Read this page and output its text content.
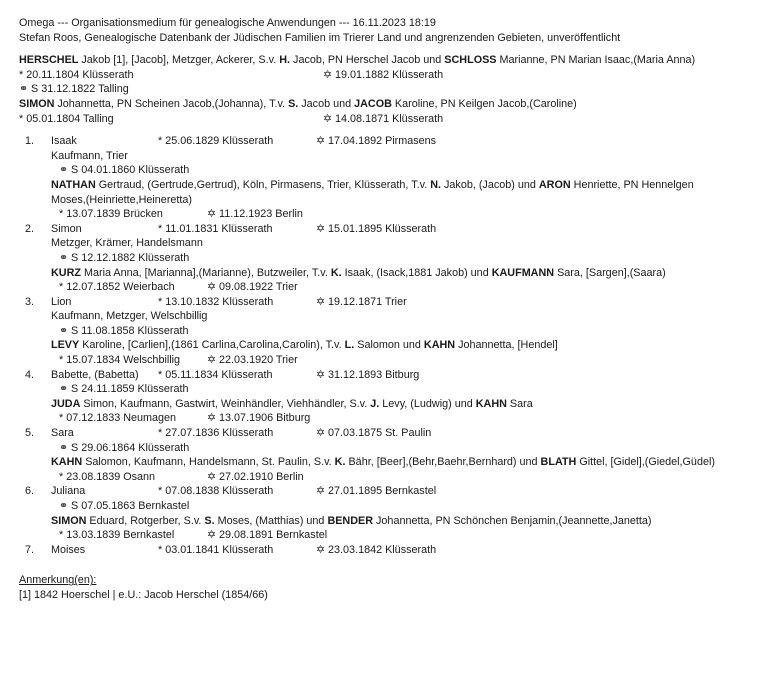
Omega --- Organisationsmedium für genealogische Anwendungen --- 16.11.2023 18:19
Stefan Roos, Genealogische Datenbank der Jüdischen Familien im Trierer Land und angrenzenden Gebieten, unveröffentlicht
HERSCHEL Jakob [1], [Jacob], Metzger, Ackerer, S.v. H. Jacob, PN Herschel Jacob und SCHLOSS Marianne, PN Marian Isaac,(Maria Anna)
* 20.11.1804 Klüsserath	✡ 19.01.1882 Klüsserath
⚭ S 31.12.1822 Talling
SIMON Johannetta, PN Scheinen Jacob,(Johanna), T.v. S. Jacob und JACOB Karoline, PN Keilgen Jacob,(Caroline)
* 05.01.1804 Talling	✡ 14.08.1871 Klüsserath
1. Isaak	* 25.06.1829 Klüsserath	✡ 17.04.1892 Pirmasens
Kaufmann, Trier
⚭ S 04.01.1860 Klüsserath
NATHAN Gertraud, (Gertrude,Gertrud), Köln, Pirmasens, Trier, Klüsserath, T.v. N. Jakob, (Jacob) und ARON Henriette, PN Hennelgen
Moses,(Heinriette,Heineretta)
* 13.07.1839 Brücken	✡ 11.12.1923 Berlin
2. Simon	* 11.01.1831 Klüsserath	✡ 15.01.1895 Klüsserath
Metzger, Krämer, Handelsmann
⚭ S 12.12.1882 Klüsserath
KURZ Maria Anna, [Marianna],(Marianne), Butzweiler, T.v. K. Isaak, (Isack,1881 Jakob) und KAUFMANN Sara, [Sargen],(Saara)
* 12.07.1852 Weierbach	✡ 09.08.1922 Trier
3. Lion	* 13.10.1832 Klüsserath	✡ 19.12.1871 Trier
Kaufmann, Metzger, Welschbillig
⚭ S 11.08.1858 Klüsserath
LEVY Karoline, [Carlien],(1861 Carlina,Carolina,Carolin), T.v. L. Salomon und KAHN Johannetta, [Hendel]
* 15.07.1834 Welschbillig ✡ 22.03.1920 Trier
4. Babette, (Babetta) * 05.11.1834 Klüsserath	✡ 31.12.1893 Bitburg
⚭ S 24.11.1859 Klüsserath
JUDA Simon, Kaufmann, Gastwirt, Weinhändler, Viehhändler, S.v. J. Levy, (Ludwig) und KAHN Sara
* 07.12.1833 Neumagen	✡ 13.07.1906 Bitburg
5. Sara	* 27.07.1836 Klüsserath	✡ 07.03.1875 St. Paulin
⚭ S 29.06.1864 Klüsserath
KAHN Salomon, Kaufmann, Handelsmann, St. Paulin, S.v. K. Bähr, [Beer],(Behr,Baehr,Bernhard) und BLATH Gittel, [Gidel],(Giedel,Güdel)
* 23.08.1839 Osann	✡ 27.02.1910 Berlin
6. Juliana	* 07.08.1838 Klüsserath	✡ 27.01.1895 Bernkastel
⚭ S 07.05.1863 Bernkastel
SIMON Eduard, Rotgerber, S.v. S. Moses, (Matthias) und BENDER Johannetta, PN Schönchen Benjamin,(Jeannette,Janetta)
* 13.03.1839 Bernkastel	✡ 29.08.1891 Bernkastel
7. Moises	* 03.01.1841 Klüsserath	✡ 23.03.1842 Klüsserath
Anmerkung(en):
[1] 1842 Hoerschel | e.U.: Jacob Herschel (1854/66)
